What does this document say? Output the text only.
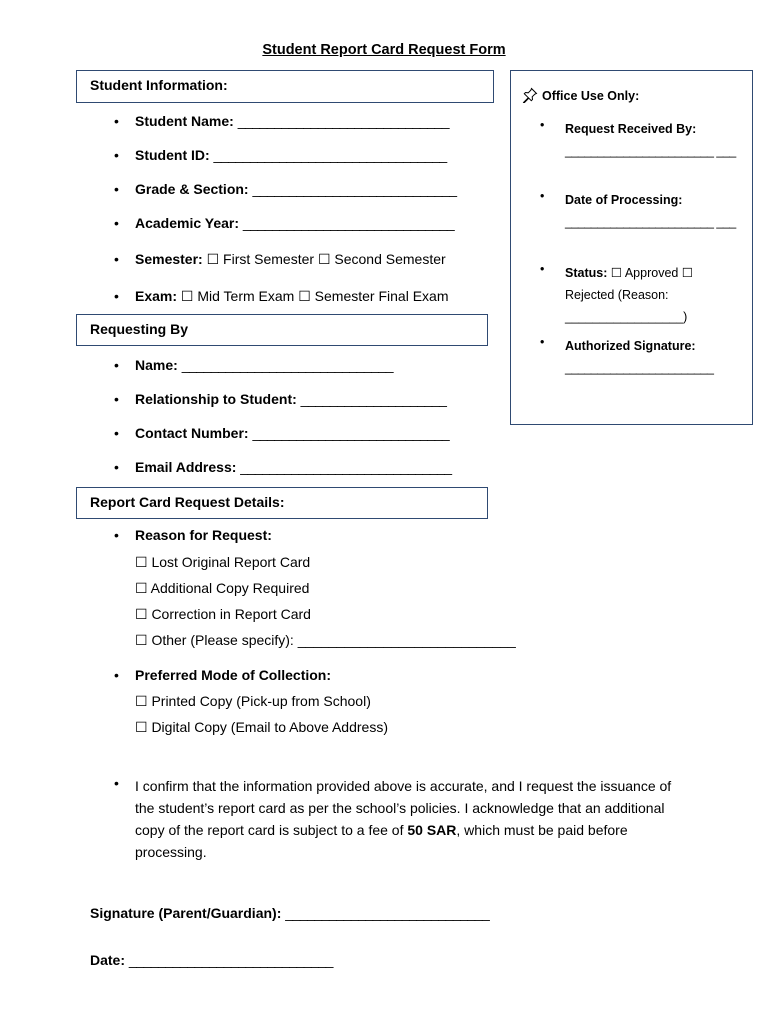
Student Report Card Request Form
Student Information:
• Student Name: _____________________________
• Student ID: ________________________________
• Grade & Section: ____________________________
• Academic Year: _____________________________
• Semester: ☐ First Semester ☐ Second Semester
• Exam: ☐ Mid Term Exam ☐ Semester Final Exam
Requesting By
• Name: _____________________________
• Relationship to Student: ____________________
• Contact Number: ___________________________
• Email Address: _____________________________
Report Card Request Details:
• Reason for Request:
☐ Lost Original Report Card
☐ Additional Copy Required
☐ Correction in Report Card
☐ Other (Please specify): ____________________________
• Preferred Mode of Collection:
☐ Printed Copy (Pick-up from School)
☐ Digital Copy (Email to Above Address)
• I confirm that the information provided above is accurate, and I request the issuance of the student’s report card as per the school’s policies. I acknowledge that an additional copy of the report card is subject to a fee of 50 SAR, which must be paid before processing.
Signature (Parent/Guardian): ____________________________
Date: ____________________________
Office Use Only:
• Request Received By:
_______________________ ___
• Date of Processing:
_______________________ ___
• Status: ☐ Approved ☐ Rejected (Reason: _________________)
• Authorized Signature:
_______________________
